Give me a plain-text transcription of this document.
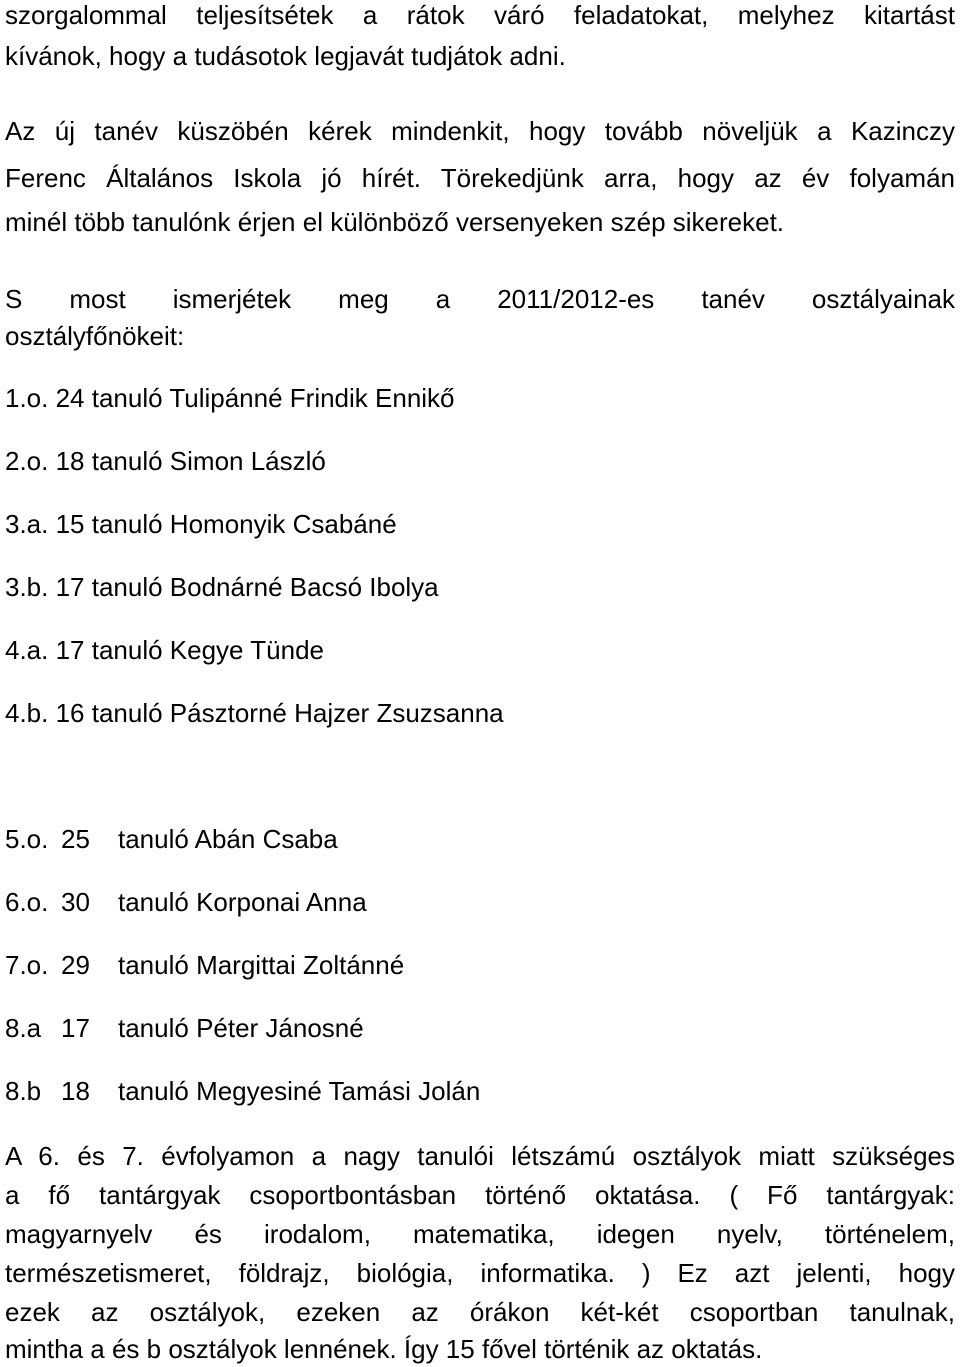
szorgalommal teljesítsétek a rátok váró feladatokat, melyhez kitartást
kívánok, hogy a tudásotok legjavát tudjátok adni.
Az új tanév küszöbén kérek mindenkit, hogy tovább növeljük a Kazinczy
Ferenc Általános Iskola jó hírét. Törekedjünk arra, hogy az év folyamán
minél több tanulónk érjen el különböző versenyeken szép sikereket.
S most ismerjétek meg a 2011/2012-es tanév osztályainak
osztályfőnökeit:
1.o. 24 tanuló Tulipánné Frindik Ennikő
2.o. 18 tanuló Simon László
3.a. 15 tanuló Homonyik Csabáné
3.b. 17 tanuló Bodnárné Bacsó Ibolya
4.a. 17 tanuló Kegye Tünde
4.b. 16 tanuló Pásztorné Hajzer Zsuzsanna
5.o. 25 tanuló Abán Csaba
6.o. 30 tanuló Korponai Anna
7.o. 29 tanuló Margittai Zoltánné
8.a 17 tanuló Péter Jánosné
8.b 18 tanuló Megyesiné Tamási Jolán
A 6. és 7. évfolyamon a nagy tanulói létszámú osztályok miatt szükséges
a fő tantárgyak csoportbontásban történő oktatása. ( Fő tantárgyak:
magyarnyelv és irodalom, matematika, idegen nyelv, történelem,
természetismeret, földrajz, biológia, informatika. ) Ez azt jelenti, hogy
ezek az osztályok, ezeken az órákon két-két csoportban tanulnak,
mintha a és b osztályok lennének. Így 15 fővel történik az oktatás.
